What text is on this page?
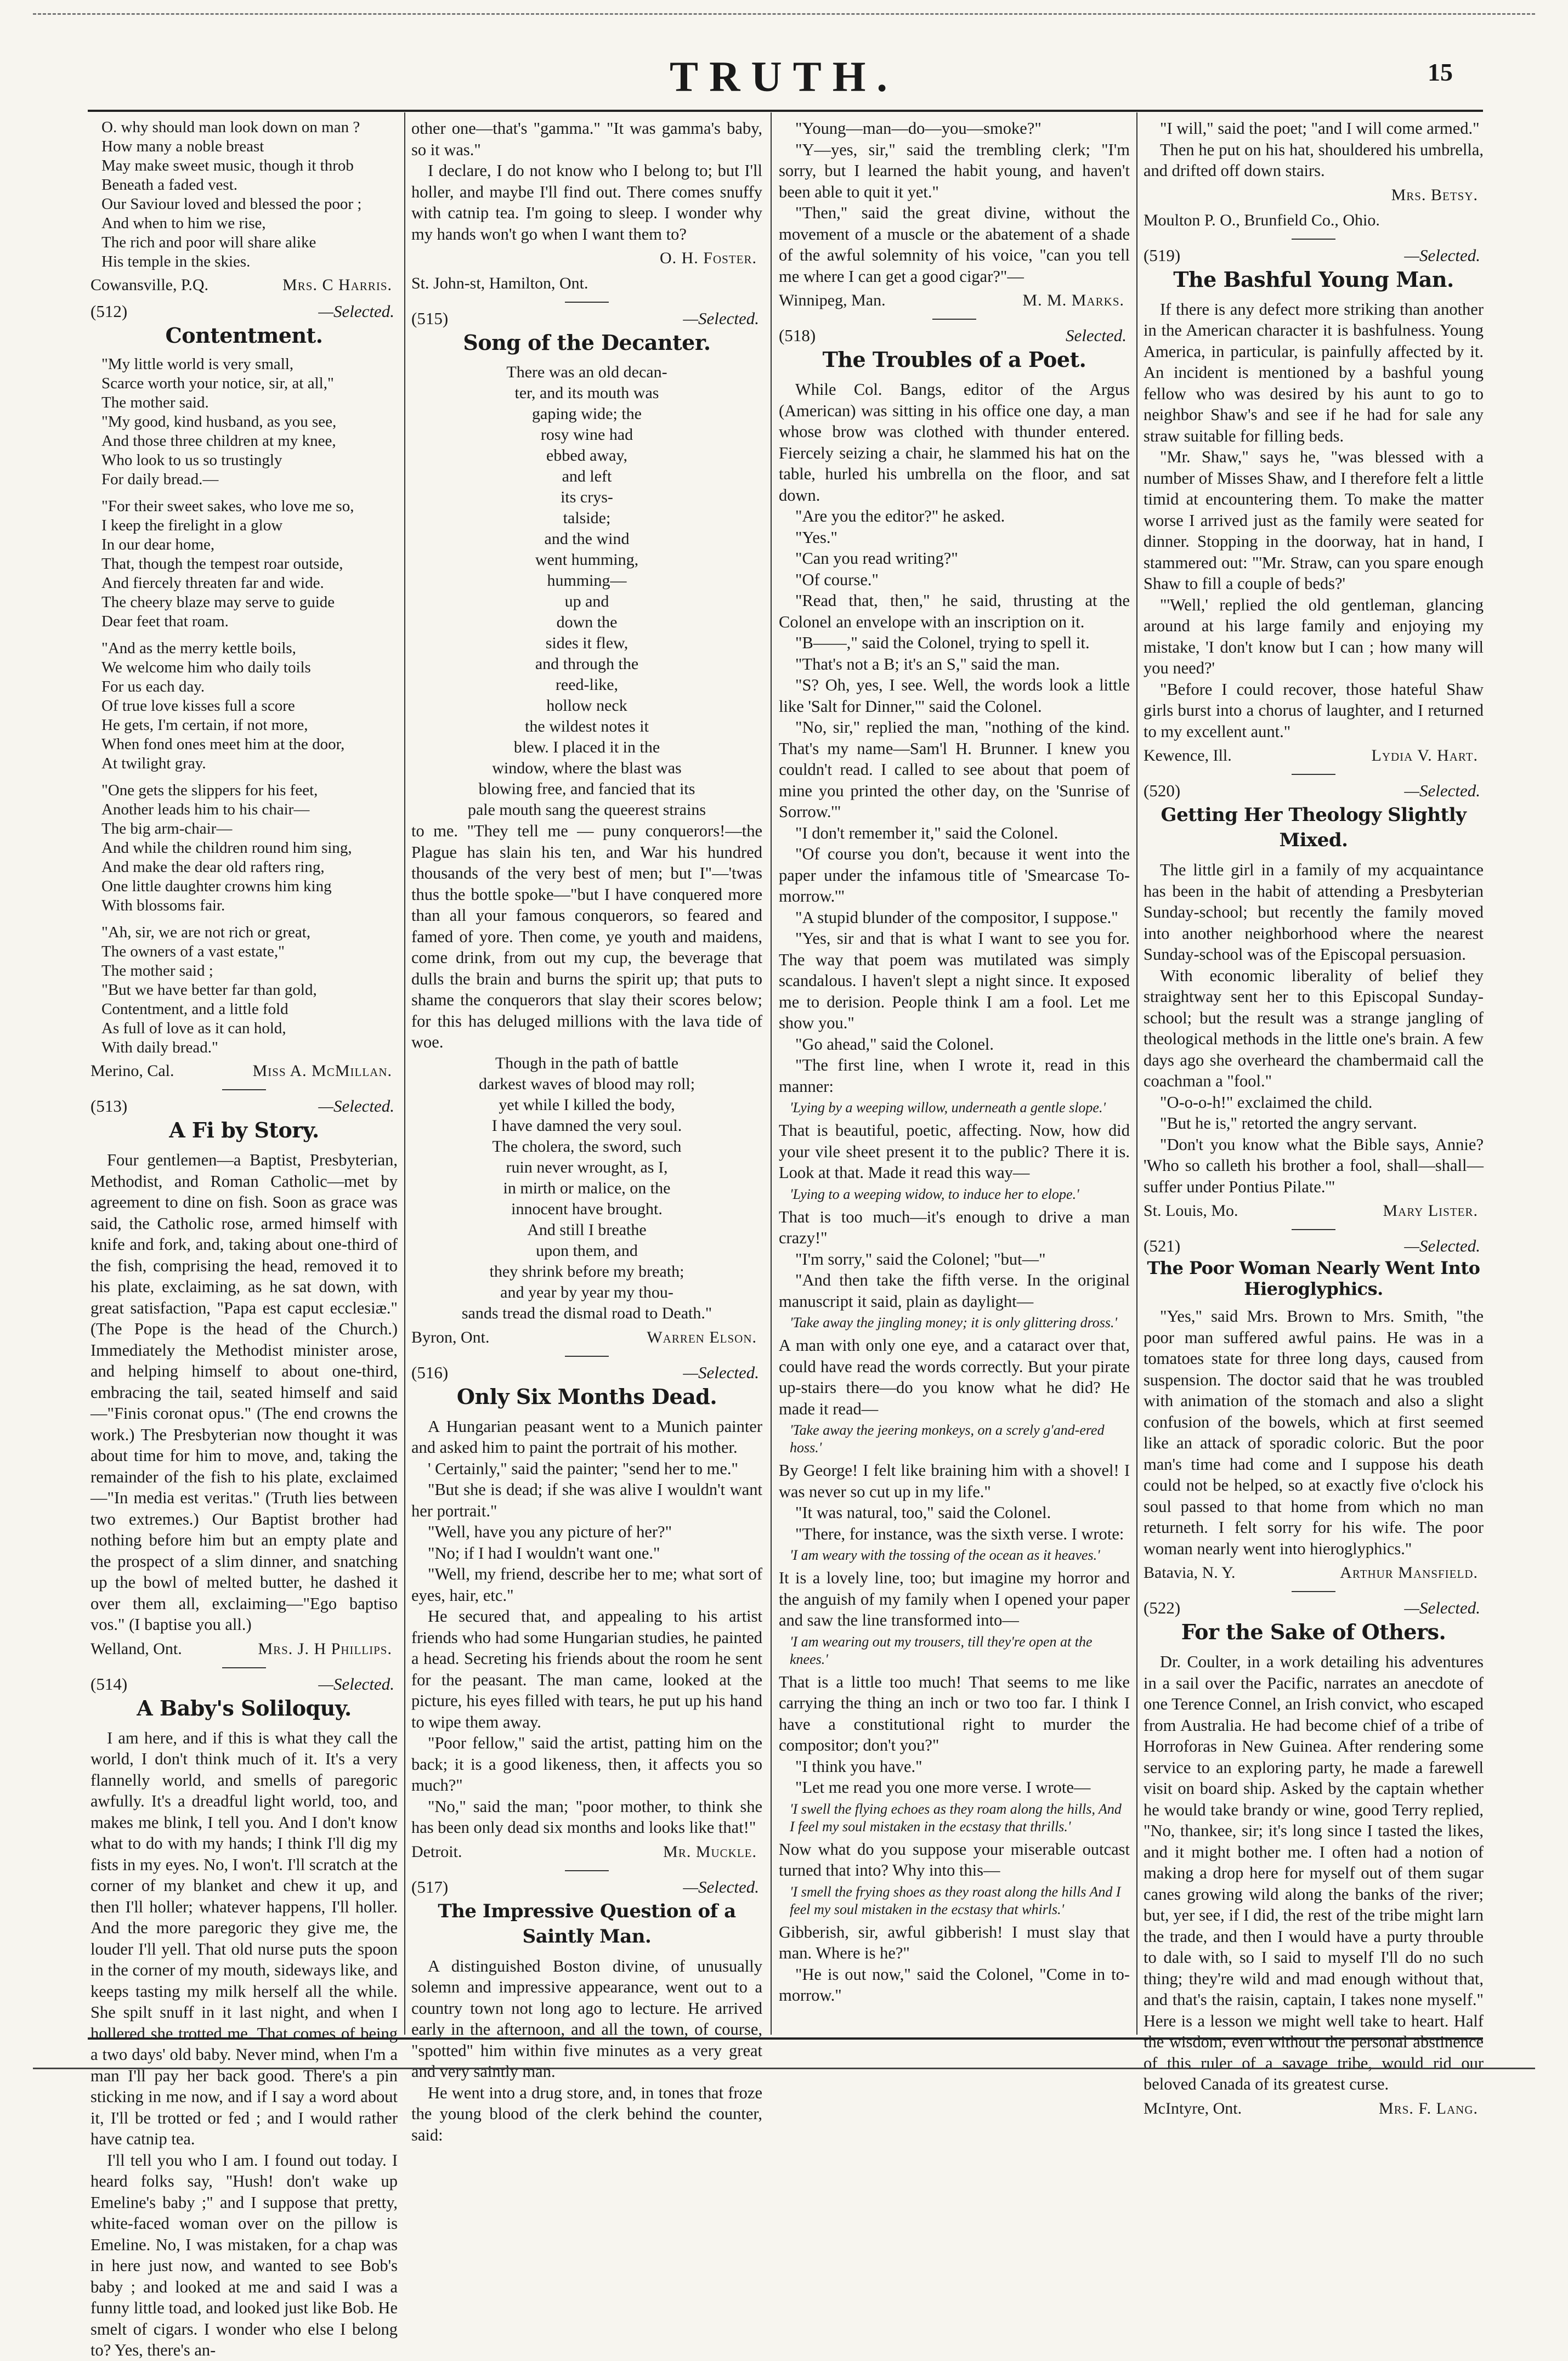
TRUTH.	15
O. why should man look down on man ?
How many a noble breast
May make sweet music, though it throb
Beneath a faded vest.
Our Saviour loved and blessed the poor ;
And when to him we rise,
The rich and poor will share alike
His temple in the skies.
Cowansville, P.Q.	Mrs. C Harris.
(512)	—Selected.
Contentment.
"My little world is very small,
Scarce worth your notice, sir, at all,"
The mother said.
"My good, kind husband, as you see,
And those three children at my knee,
Who look to us so trustingly
For daily bread.—
"For their sweet sakes, who love me so,
I keep the firelight in a glow
In our dear home,
That, though the tempest roar outside,
And fiercely threaten far and wide.
The cheery blaze may serve to guide
Dear feet that roam.
"And as the merry kettle boils,
We welcome him who daily toils
For us each day.
Of true love kisses full a score
He gets, I'm certain, if not more,
When fond ones meet him at the door,
At twilight gray.
"One gets the slippers for his feet,
Another leads him to his chair—
The big arm-chair—
And while the children round him sing,
And make the dear old rafters ring,
One little daughter crowns him king
With blossoms fair.
"Ah, sir, we are not rich or great,
The owners of a vast estate,"
The mother said ;
"But we have better far than gold,
Contentment, and a little fold
As full of love as it can hold,
With daily bread."
Merino, Cal.	Miss A. McMillan.
(513)	—Selected.
A Fi by Story.

Four gentlemen—a Baptist, Presbyterian, Methodist, and Roman Catholic—met by agreement to dine on fish. Soon as grace was said, the Catholic rose, armed himself with knife and fork, and, taking about one-third of the fish, comprising the head, removed it to his plate, exclaiming, as he sat down, with great satisfaction, "Papa est caput ecclesiæ." (The Pope is the head of the Church.) Immediately the Methodist minister arose, and helping himself to about one-third, embracing the tail, seated himself and said—"Finis coronat opus." (The end crowns the work.) The Presbyterian now thought it was about time for him to move, and, taking the remainder of the fish to his plate, exclaimed—"In media est veritas." (Truth lies between two extremes.) Our Baptist brother had nothing before him but an empty plate and the prospect of a slim dinner, and snatching up the bowl of melted butter, he dashed it over them all, exclaiming—"Ego baptiso vos." (I baptise you all.)

Welland, Ont.	Mrs. J. H Phillips.
(514)	—Selected.
A Baby's Soliloquy.

I am here, and if this is what they call the world, I don't think much of it. It's a very flannelly world, and smells of paregoric awfully. It's a dreadful light world, too, and makes me blink, I tell you. And I don't know what to do with my hands; I think I'll dig my fists in my eyes. No, I won't. I'll scratch at the corner of my blanket and chew it up, and then I'll holler; whatever happens, I'll holler. And the more paregoric they give me, the louder I'll yell. That old nurse puts the spoon in the corner of my mouth, sideways like, and keeps tasting my milk herself all the while. She spilt snuff in it last night, and when I hollered she trotted me. That comes of being a two days' old baby. Never mind, when I'm a man I'll pay her back good. There's a pin sticking in me now, and if I say a word about it, I'll be trotted or fed ; and I would rather have catnip tea.

I'll tell you who I am. I found out today. I heard folks say, "Hush! don't wake up Emeline's baby ;" and I suppose that pretty, white-faced woman over on the pillow is Emeline. No, I was mistaken, for a chap was in here just now, and wanted to see Bob's baby ; and looked at me and said I was a funny little toad, and looked just like Bob. He smelt of cigars. I wonder who else I belong to? Yes, there's an-

other one—that's "gamma." "It was gamma's baby, so it was."

I declare, I do not know who I belong to; but I'll holler, and maybe I'll find out. There comes snuffy with catnip tea. I'm going to sleep. I wonder why my hands won't go when I want them to?

O. H. Foster.
St. John-st, Hamilton, Ont.
(515)	—Selected.
Song of the Decanter.
There was an old decan-
ter, and its mouth was
gaping wide; the
rosy wine had
ebbed away,
and left
its crys-
talside;
and the wind
went humming,
humming—
up and
down the
sides it flew,
and through the
reed-like,
hollow neck
the wildest notes it
blew. I placed it in the
window, where the blast was
blowing free, and fancied that its
pale mouth sang the queerest strains

to me. "They tell me — puny conquerors!—the Plague has slain his ten, and War his hundred thousands of the very best of men; but I"—'twas thus the bottle spoke—"but I have conquered more than all your famous conquerors, so feared and famed of yore. Then come, ye youth and maidens, come drink, from out my cup, the beverage that dulls the brain and burns the spirit up; that puts to shame the conquerors that slay their scores below; for this has deluged millions with the lava tide of woe.

Though in the path of battle
darkest waves of blood may roll;
yet while I killed the body,
I have damned the very soul.
The cholera, the sword, such
ruin never wrought, as I,
in mirth or malice, on the
innocent have brought.
And still I breathe
upon them, and
they shrink before my breath;
and year by year my thou-
sands tread the dismal road to Death."
Byron, Ont.	Warren Elson.
(516)	—Selected.
Only Six Months Dead.

A Hungarian peasant went to a Munich painter and asked him to paint the portrait of his mother.

' Certainly," said the painter; "send her to me."

"But she is dead; if she was alive I wouldn't want her portrait."

"Well, have you any picture of her?"

"No; if I had I wouldn't want one."

"Well, my friend, describe her to me; what sort of eyes, hair, etc."

He secured that, and appealing to his artist friends who had some Hungarian studies, he painted a head. Secreting his friends about the room he sent for the peasant. The man came, looked at the picture, his eyes filled with tears, he put up his hand to wipe them away.

"Poor fellow," said the artist, patting him on the back; it is a good likeness, then, it affects you so much?"

"No," said the man; "poor mother, to think she has been only dead six months and looks like that!"

Detroit.	Mr. Muckle.
(517)	—Selected.
The Impressive Question of a Saintly Man.

A distinguished Boston divine, of unusually solemn and impressive appearance, went out to a country town not long ago to lecture. He arrived early in the afternoon, and all the town, of course, "spotted" him within five minutes as a very great and very saintly man.

He went into a drug store, and, in tones that froze the young blood of the clerk behind the counter, said:

"Young—man—do—you—smoke?"

"Y—yes, sir," said the trembling clerk; "I'm sorry, but I learned the habit young, and haven't been able to quit it yet."

"Then," said the great divine, without the movement of a muscle or the abatement of a shade of the awful solemnity of his voice, "can you tell me where I can get a good cigar?"—

Winnipeg, Man.	M. M. Marks.
(518)	Selected.
The Troubles of a Poet.

While Col. Bangs, editor of the Argus (American) was sitting in his office one day, a man whose brow was clothed with thunder entered. Fiercely seizing a chair, he slammed his hat on the table, hurled his umbrella on the floor, and sat down.

"Are you the editor?" he asked.

"Yes."

"Can you read writing?"

"Of course."

"Read that, then," he said, thrusting at the Colonel an envelope with an inscription on it.

"B——," said the Colonel, trying to spell it.

"That's not a B; it's an S," said the man.

"S? Oh, yes, I see. Well, the words look a little like 'Salt for Dinner,'" said the Colonel.

"No, sir," replied the man, "nothing of the kind. That's my name—Sam'l H. Brunner. I knew you couldn't read. I called to see about that poem of mine you printed the other day, on the 'Sunrise of Sorrow.'"

"I don't remember it," said the Colonel.

"Of course you don't, because it went into the paper under the infamous title of 'Smearcase To-morrow.'"

"A stupid blunder of the compositor, I suppose."

"Yes, sir and that is what I want to see you for. The way that poem was mutilated was simply scandalous. I haven't slept a night since. It exposed me to derision. People think I am a fool. Let me show you."

"Go ahead," said the Colonel.

"The first line, when I wrote it, read in this manner:

'Lying by a weeping willow, underneath a gentle slope.'

That is beautiful, poetic, affecting. Now, how did your vile sheet present it to the public? There it is. Look at that. Made it read this way—

'Lying to a weeping widow, to induce her to elope.'

That is too much—it's enough to drive a man crazy!"

"I'm sorry," said the Colonel; "but—"

"And then take the fifth verse. In the original manuscript it said, plain as daylight—

'Take away the jingling money; it is only glittering dross.'

A man with only one eye, and a cataract over that, could have read the words correctly. But your pirate up-stairs there—do you know what he did? He made it read—

'Take away the jeering monkeys, on a screly g'and-ered hoss.'

By George! I felt like braining him with a shovel! I was never so cut up in my life."

"It was natural, too," said the Colonel.

"There, for instance, was the sixth verse. I wrote:

'I am weary with the tossing of the ocean as it heaves.'

It is a lovely line, too; but imagine my horror and the anguish of my family when I opened your paper and saw the line transformed into—

'I am wearing out my trousers, till they're open at the knees.'

That is a little too much! That seems to me like carrying the thing an inch or two too far. I think I have a constitutional right to murder the compositor; don't you?"

"I think you have."

"Let me read you one more verse. I wrote—

'I swell the flying echoes as they roam along the hills, And I feel my soul mistaken in the ecstasy that thrills.'

Now what do you suppose your miserable outcast turned that into? Why into this—

'I smell the frying shoes as they roast along the hills And I feel my soul mistaken in the ecstasy that whirls.'

Gibberish, sir, awful gibberish! I must slay that man. Where is he?"

"He is out now," said the Colonel, "Come in to-morrow."

"I will," said the poet; "and I will come armed."

Then he put on his hat, shouldered his umbrella, and drifted off down stairs.

Mrs. Betsy.
Moulton P. O., Brunfield Co., Ohio.
(519)	—Selected.
The Bashful Young Man.

If there is any defect more striking than another in the American character it is bashfulness. Young America, in particular, is painfully affected by it. An incident is mentioned by a bashful young fellow who was desired by his aunt to go to neighbor Shaw's and see if he had for sale any straw suitable for filling beds.

"Mr. Shaw," says he, "was blessed with a number of Misses Shaw, and I therefore felt a little timid at encountering them. To make the matter worse I arrived just as the family were seated for dinner. Stopping in the doorway, hat in hand, I stammered out: "'Mr. Straw, can you spare enough Shaw to fill a couple of beds?'

"'Well,' replied the old gentleman, glancing around at his large family and enjoying my mistake, 'I don't know but I can ; how many will you need?'

"Before I could recover, those hateful Shaw girls burst into a chorus of laughter, and I returned to my excellent aunt."

Kewence, Ill.	Lydia V. Hart.
(520)	—Selected.
Getting Her Theology Slightly Mixed.

The little girl in a family of my acquaintance has been in the habit of attending a Presbyterian Sunday-school; but recently the family moved into another neighborhood where the nearest Sunday-school was of the Episcopal persuasion.

With economic liberality of belief they straightway sent her to this Episcopal Sunday-school; but the result was a strange jangling of theological methods in the little one's brain. A few days ago she overheard the chambermaid call the coachman a "fool."

"O-o-o-h!" exclaimed the child.

"But he is," retorted the angry servant.

"Don't you know what the Bible says, Annie? 'Who so calleth his brother a fool, shall—shall—suffer under Pontius Pilate.'"

St. Louis, Mo.	Mary Lister.
(521)	—Selected.
The Poor Woman Nearly Went Into Hieroglyphics.

"Yes," said Mrs. Brown to Mrs. Smith, "the poor man suffered awful pains. He was in a tomatoes state for three long days, caused from suspension. The doctor said that he was troubled with animation of the stomach and also a slight confusion of the bowels, which at first seemed like an attack of sporadic coloric. But the poor man's time had come and I suppose his death could not be helped, so at exactly five o'clock his soul passed to that home from which no man returneth. I felt sorry for his wife. The poor woman nearly went into hieroglyphics."

Batavia, N. Y.	Arthur Mansfield.
(522)	—Selected.
For the Sake of Others.

Dr. Coulter, in a work detailing his adventures in a sail over the Pacific, narrates an anecdote of one Terence Connel, an Irish convict, who escaped from Australia. He had become chief of a tribe of Horroforas in New Guinea. After rendering some service to an exploring party, he made a farewell visit on board ship. Asked by the captain whether he would take brandy or wine, good Terry replied, "No, thankee, sir; it's long since I tasted the likes, and it might bother me. I often had a notion of making a drop here for myself out of them sugar canes growing wild along the banks of the river; but, yer see, if I did, the rest of the tribe might larn the trade, and then I would have a purty throuble to dale with, so I said to myself I'll do no such thing; they're wild and mad enough without that, and that's the raisin, captain, I takes none myself." Here is a lesson we might well take to heart. Half the wisdom, even without the personal abstinence of this ruler of a savage tribe, would rid our beloved Canada of its greatest curse.

McIntyre, Ont.	Mrs. F. Lang.
